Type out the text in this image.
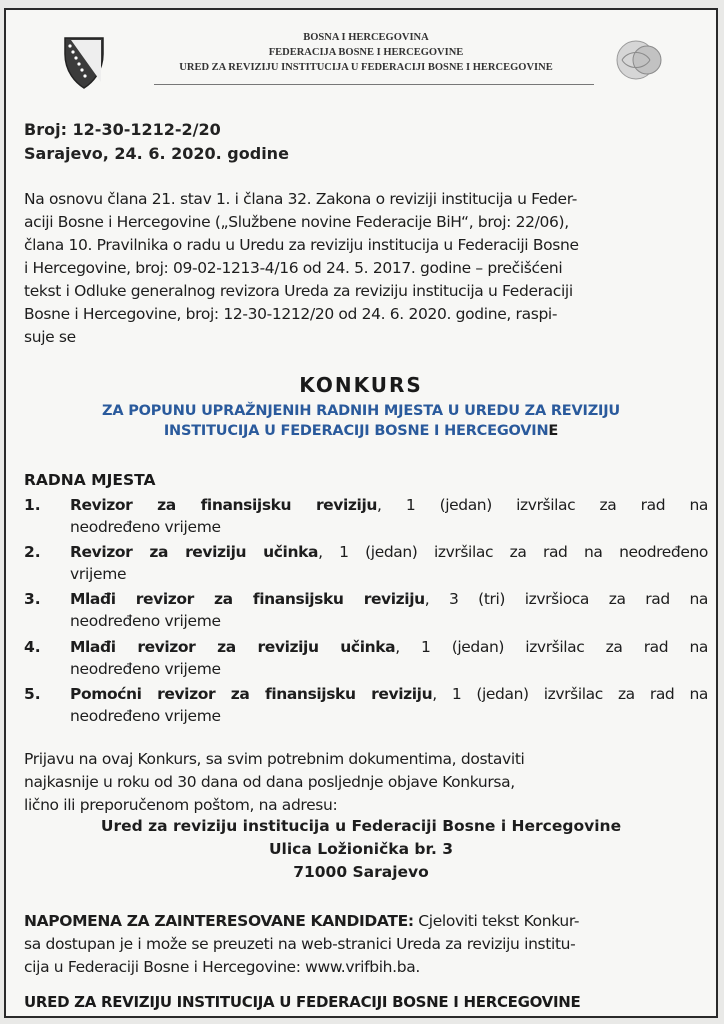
BOSNA I HERCEGOVINA
FEDERACIJA BOSNE I HERCEGOVINE
URED ZA REVIZIJU INSTITUCIJA U FEDERACIJI BOSNE I HERCEGOVINE
Broj: 12-30-1212-2/20
Sarajevo, 24. 6. 2020. godine
Na osnovu člana 21. stav 1. i člana 32. Zakona o reviziji institucija u Feder-
aciji Bosne i Hercegovine („Službene novine Federacije BiH“, broj: 22/06),
člana 10. Pravilnika o radu u Uredu za reviziju institucija u Federaciji Bosne
i Hercegovine, broj: 09-02-1213-4/16 od 24. 5. 2017. godine – prečišćeni
tekst i Odluke generalnog revizora Ureda za reviziju institucija u Federaciji
Bosne i Hercegovine, broj: 12-30-1212/20 od 24. 6. 2020. godine, raspi-
suje se
KONKURS
ZA POPUNU UPRAŽNJENIH RADNIH MJESTA U UREDU ZA REVIZIJU
INSTITUCIJA U FEDERACIJI BOSNE I HERCEGOVINE
RADNA MJESTA
1. Revizor za finansijsku reviziju, 1 (jedan) izvršilac za rad na
neodređeno vrijeme
2. Revizor za reviziju učinka, 1 (jedan) izvršilac za rad na neodređeno
vrijeme
3. Mlađi revizor za finansijsku reviziju, 3 (tri) izvršioca za rad na
neodređeno vrijeme
4. Mlađi revizor za reviziju učinka, 1 (jedan) izvršilac za rad na
neodređeno vrijeme
5. Pomoćni revizor za finansijsku reviziju, 1 (jedan) izvršilac za rad na
neodređeno vrijeme
Prijavu na ovaj Konkurs, sa svim potrebnim dokumentima, dostaviti
najkasnije u roku od 30 dana od dana posljednje objave Konkursa,
lično ili preporučenom poštom, na adresu:
Ured za reviziju institucija u Federaciji Bosne i Hercegovine
Ulica Ložionička br. 3
71000 Sarajevo
NAPOMENA ZA ZAINTERESOVANE KANDIDATE: Cjeloviti tekst Konkur-
sa dostupan je i može se preuzeti na web-stranici Ureda za reviziju institu-
cija u Federaciji Bosne i Hercegovine: www.vrifbih.ba.
URED ZA REVIZIJU INSTITUCIJA U FEDERACIJI BOSNE I HERCEGOVINE
